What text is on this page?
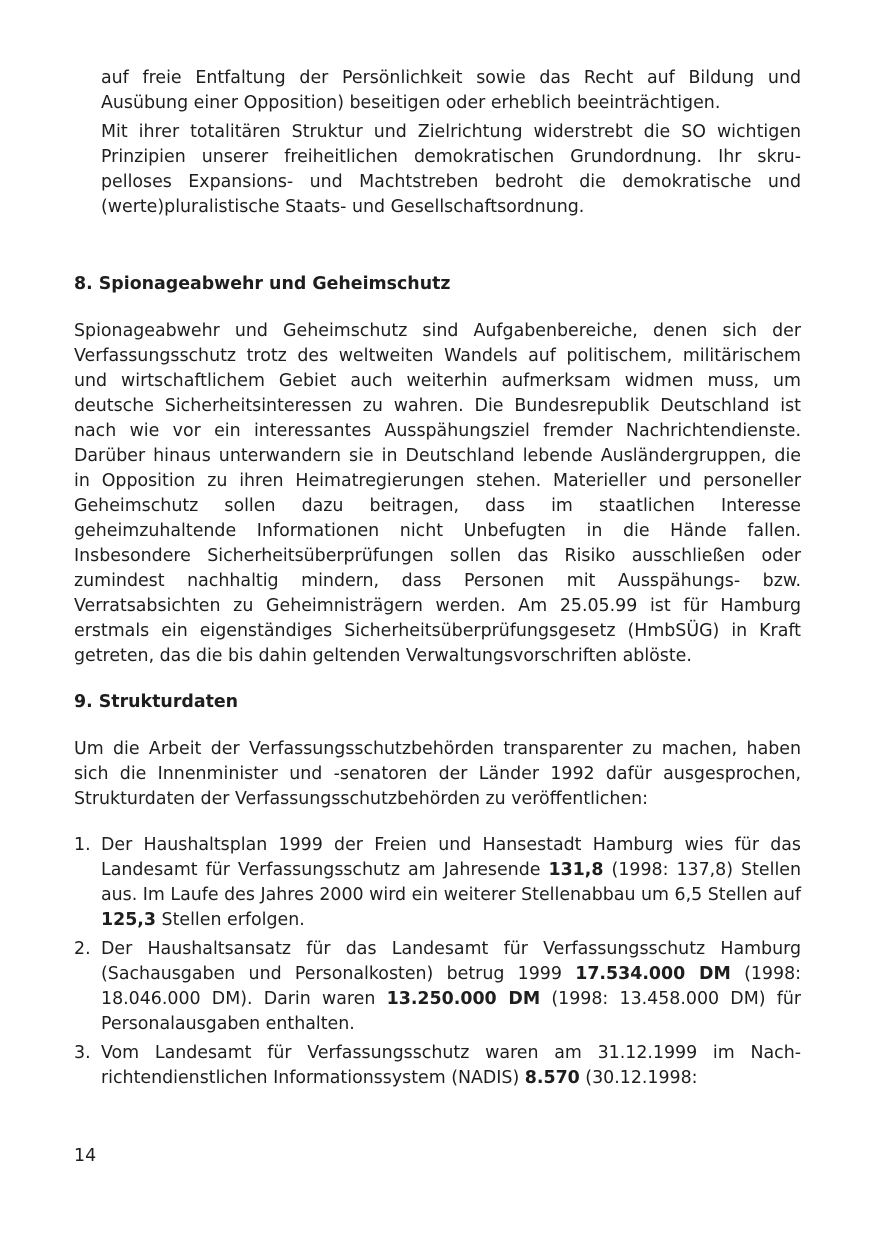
auf freie Entfaltung der Persönlichkeit sowie das Recht auf Bildung und Ausübung einer Opposition) beseitigen oder erheblich beeinträchtigen.

Mit ihrer totalitären Struktur und Zielrichtung widerstrebt die SO wichtigen Prinzipien unserer freiheitlichen demokratischen Grundordnung. Ihr skrupelloses Expansions- und Machtstreben bedroht die demokratische und (werte)pluralistische Staats- und Gesellschaftsordnung.

8. Spionageabwehr und Geheimschutz

Spionageabwehr und Geheimschutz sind Aufgabenbereiche, denen sich der Verfassungsschutz trotz des weltweiten Wandels auf politischem, militärischem und wirtschaftlichem Gebiet auch weiterhin aufmerksam widmen muss, um deutsche Sicherheitsinteressen zu wahren. Die Bundesrepublik Deutschland ist nach wie vor ein interessantes Ausspähungsziel fremder Nachrichtendienste. Darüber hinaus unterwandern sie in Deutschland lebende Ausländergruppen, die in Opposition zu ihren Heimatregierungen stehen. Materieller und personeller Geheimschutz sollen dazu beitragen, dass im staatlichen Interesse geheimzuhaltende Informationen nicht Unbefugten in die Hände fallen. Insbesondere Sicherheitsüberprüfungen sollen das Risiko ausschließen oder zumindest nachhaltig mindern, dass Personen mit Ausspähungs- bzw. Verratsabsichten zu Geheimnisträgern werden. Am 25.05.99 ist für Hamburg erstmals ein eigenständiges Sicherheitsüberprüfungsgesetz (HmbSÜG) in Kraft getreten, das die bis dahin geltenden Verwaltungsvorschriften ablöste.

9. Strukturdaten

Um die Arbeit der Verfassungsschutzbehörden transparenter zu machen, haben sich die Innenminister und -senatoren der Länder 1992 dafür ausgesprochen, Strukturdaten der Verfassungsschutzbehörden zu veröffentlichen:

1. Der Haushaltsplan 1999 der Freien und Hansestadt Hamburg wies für das Landesamt für Verfassungsschutz am Jahresende 131,8 (1998: 137,8) Stellen aus. Im Laufe des Jahres 2000 wird ein weiterer Stellenabbau um 6,5 Stellen auf 125,3 Stellen erfolgen.
2. Der Haushaltsansatz für das Landesamt für Verfassungsschutz Hamburg (Sachausgaben und Personalkosten) betrug 1999 17.534.000 DM (1998: 18.046.000 DM). Darin waren 13.250.000 DM (1998: 13.458.000 DM) für Personalausgaben enthalten.
3. Vom Landesamt für Verfassungsschutz waren am 31.12.1999 im Nachrichtendienstlichen Informationssystem (NADIS) 8.570 (30.12.1998:
14
